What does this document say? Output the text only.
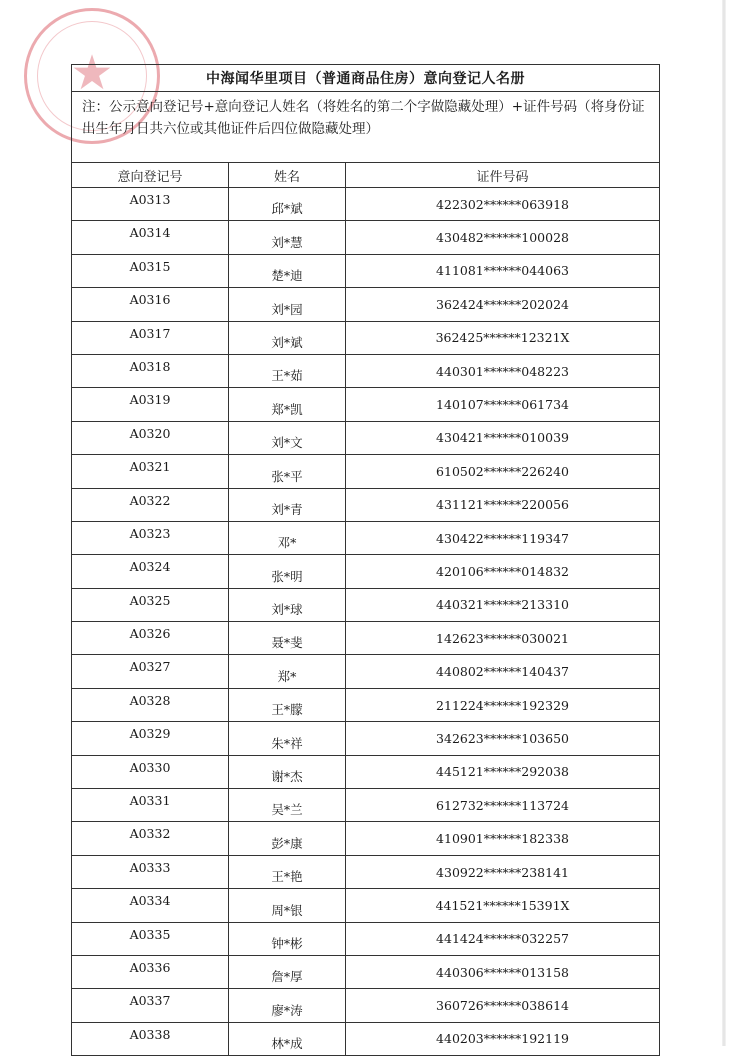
★	中海闻华里项目（普通商品住房）意向登记人名册		
注：公示意向登记号+意向登记人姓名（将姓名的第二个字做隐藏处理）+证件号码（将身份证出生年月日共六位或其他证件后四位做隐藏处理）		
意向登记号	姓名	证件号码
A0313	邱*斌	422302******063918
A0314	刘*慧	430482******100028
A0315	楚*迪	411081******044063
A0316	刘*园	362424******202024
A0317	刘*斌	362425******12321X
A0318	王*茹	440301******048223
A0319	郑*凯	140107******061734
A0320	刘*文	430421******010039
A0321	张*平	610502******226240
A0322	刘*青	431121******220056
A0323	邓*	430422******119347
A0324	张*明	420106******014832
A0325	刘*球	440321******213310
A0326	聂*斐	142623******030021
A0327	郑*	440802******140437
A0328	王*朦	211224******192329
A0329	朱*祥	342623******103650
A0330	谢*杰	445121******292038
A0331	吴*兰	612732******113724
A0332	彭*康	410901******182338
A0333	王*艳	430922******238141
A0334	周*银	441521******15391X
A0335	钟*彬	441424******032257
A0336	詹*厚	440306******013158
A0337	廖*涛	360726******038614
A0338	林*成	440203******192119
